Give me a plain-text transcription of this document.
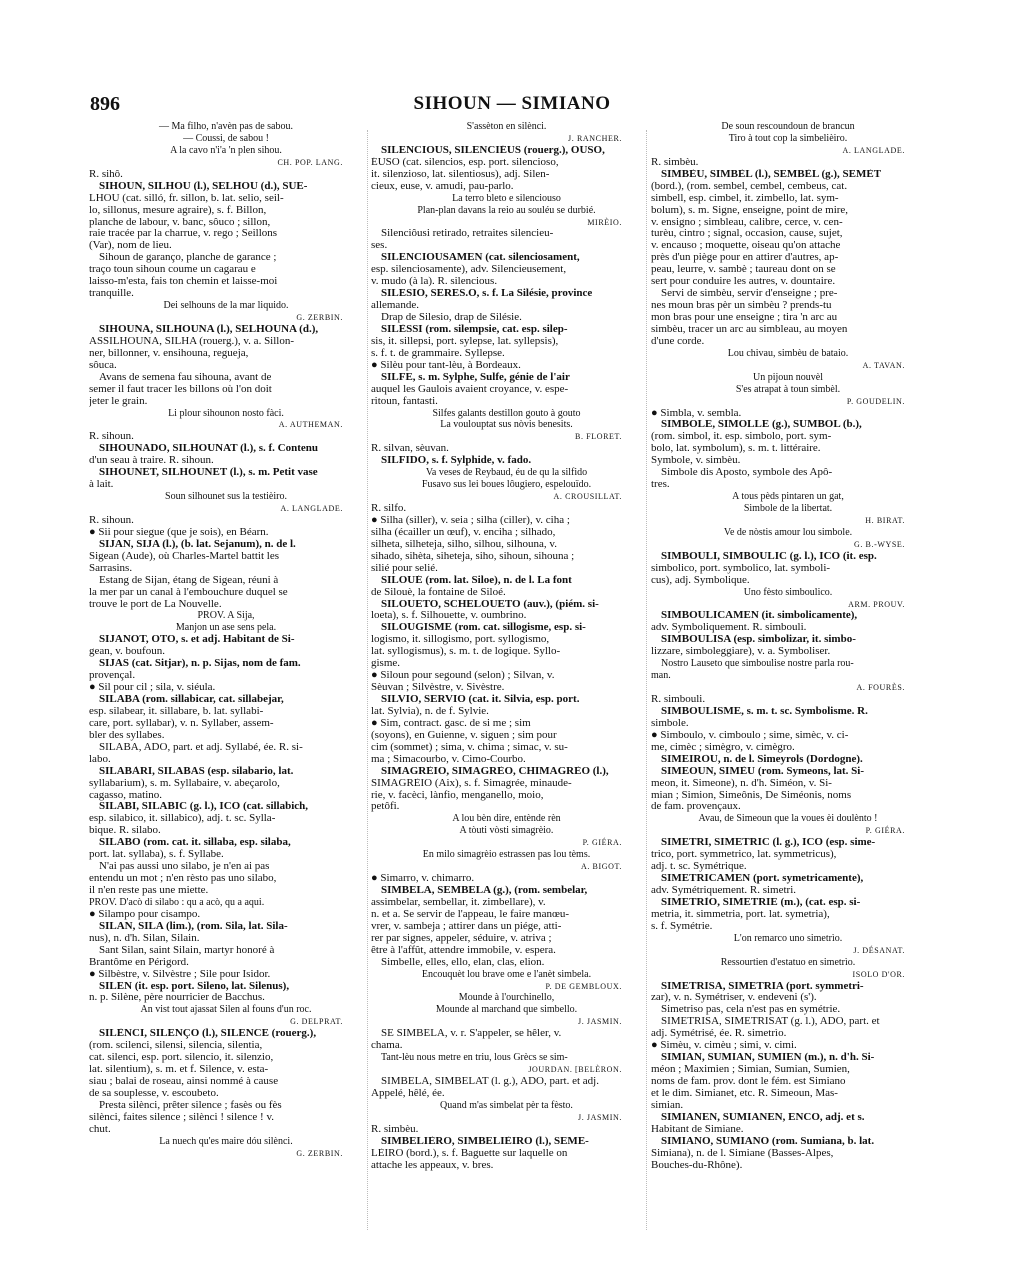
896	SIHOUN — SIMIANO
— Ma filho, n'avèn pas de sabou.
— Coussi, de sabou !
A la cavo n'i'a 'n plen sihou.
CH. POP. LANG.
R. sihô.
SIHOUN, SILHOU (l.), SELHOU (d.), SUE-
LHOU (cat. silló, fr. sillon, b. lat. selio, seil-
lo, sillonus, mesure agraire), s. f. Billon,
planche de labour, v. banc, sôuco ; sillon,
raie tracée par la charrue, v. rego ; Seillons
(Var), nom de lieu.
Sihoun de garanço, planche de garance ;
traço toun sihoun coume un cagarau e
laisso-m'esta, fais ton chemin et laisse-moi
tranquille.
Dei selhouns de la mar liquido.
G. ZERBIN.
SIHOUNA, SILHOUNA (l.), SELHOUNA (d.),
ASSILHOUNA, SILHA (rouerg.), v. a. Sillon-
ner, billonner, v. ensihouna, regueja,
sôuca.
Avans de semena fau sihouna, avant de
semer il faut tracer les billons où l'on doit
jeter le grain.
Li plour sihounon nosto fàci.
A. AUTHEMAN.
R. sihoun.
SIHOUNADO, SILHOUNAT (l.), s. f. Contenu
d'un seau à traire. R. sihoun.
SIHOUNET, SILHOUNET (l.), s. m. Petit vase
à lait.
Soun silhounet sus la testièiro.
A. LANGLADE.
R. sihoun.
● Sii pour siegue (que je sois), en Béarn.
SIJAN, SIJA (l.), (b. lat. Sejanum), n. de l.
Sigean (Aude), où Charles-Martel battit les
Sarrasins.
Estang de Sijan, étang de Sigean, réuni à
la mer par un canal à l'embouchure duquel se
trouve le port de La Nouvelle.
PROV. A Sija,
Manjon un ase sens pela.
SIJANOT, OTO, s. et adj. Habitant de Si-
gean, v. boufoun.
SIJAS (cat. Sitjar), n. p. Sijas, nom de fam.
provençal.
● Sil pour cil ; sila, v. siéula.
SILABA (rom. sillabicar, cat. sillabejar,
esp. silabear, it. sillabare, b. lat. syllabi-
care, port. syllabar), v. n. Syllaber, assem-
bler des syllabes.
SILABA, ADO, part. et adj. Syllabé, ée. R. si-
labo.
SILABÀRI, SILABAS (esp. silabario, lat.
syllabarium), s. m. Syllabaire, v. abeçarolo,
cagasso, matino.
SILABI, SILABIC (g. l.), ICO (cat. sillabich,
esp. silabico, it. sillabico), adj. t. sc. Sylla-
bique. R. silabo.
SILABO (rom. cat. it. sillaba, esp. silaba,
port. lat. syllaba), s. f. Syllabe.
N'ai pas aussi uno silabo, je n'en ai pas
entendu un mot ; n'en rèsto pas uno silabo,
il n'en reste pas une miette.
PROV. D'acò di silabo : qu a acò, qu a aqui.
● Silampo pour cisampo.
SILAN, SILA (lim.), (rom. Sila, lat. Sila-
nus), n. d'h. Silan, Silain.
Sant Silan, saint Silain, martyr honoré à
Brantôme en Périgord.
● Silbèstre, v. Silvèstre ; Sile pour Isidor.
SILEN (it. esp. port. Sileno, lat. Silenus),
n. p. Silène, père nourricier de Bacchus.
An vist tout ajassat Silen al founs d'un roc.
G. DELPRAT.
SILÈNCI, SILENÇO (l.), SILENCE (rouerg.),
(rom. scilenci, silensi, silencia, silentia,
cat. silenci, esp. port. silencio, it. silenzio,
lat. silentium), s. m. et f. Silence, v. esta-
siau ; balai de roseau, ainsi nommé à cause
de sa souplesse, v. escoubeto.
Presta silènci, prêter silence ; fasès ou fès
silènci, faites silence ; silènci ! silence ! v.
chut.
La nuech qu'es maire dóu silènci.
G. ZERBIN.
S'assèton en silènci.
J. RANCHER.
SILENCIOUS, SILENCIÉUS (rouerg.), OUSO,
ÉUSO (cat. silencios, esp. port. silencioso,
it. silenzioso, lat. silentiosus), adj. Silen-
cieux, euse, v. amudi, pau-parlo.
La terro bleto e silenciouso
Plan-plan davans la reio au souléu se durbié.
MIRÈIO.
Silenciôusi retirado, retraites silencieu-
ses.
SILENCIOUSAMEN (cat. silenciosament,
esp. silenciosamente), adv. Silencieusement,
v. mudo (à la). R. silencious.
SILESIO, SERES.O, s. f. La Silésie, province
allemande.
Drap de Silesio, drap de Silésie.
SILÈSSI (rom. silempsie, cat. esp. silep-
sis, it. sillepsi, port. sylepse, lat. syllepsis),
s. f. t. de grammaire. Syllepse.
● Silèu pour tant-lèu, à Bordeaux.
SILFE, s. m. Sylphe, Sulfe, génie de l'air
auquel les Gaulois avaient croyance, v. espe-
ritoun, fantasti.
Silfes galants destillon gouto à gouto
La voulouptat sus nòvis benesits.
B. FLORET.
R. silvan, sèuvan.
SILFIDO, s. f. Sylphide, v. fado.
Va veses de Reybaud, éu de qu la silfido
Fusavo sus lei boues lôugiero, espelouïdo.
A. CROUSILLAT.
R. silfo.
● Silha (siller), v. seia ; silha (ciller), v. ciha ;
silha (écailler un œuf), v. enciha ; silhado,
silheta, silheteja, silho, silhou, silhouna, v.
sihado, sihèta, siheteja, siho, sihoun, sihouna ;
silié pour selié.
SILOUÉ (rom. lat. Siloe), n. de l. La font
de Silouè, la fontaine de Siloé.
SILOUETO, SCHELOUETO (auv.), (piém. si-
loeta), s. f. Silhouette, v. oumbrino.
SILOUGISME (rom. cat. sillogisme, esp. si-
logismo, it. sillogismo, port. syllogismo,
lat. syllogismus), s. m. t. de logique. Syllo-
gisme.
● Siloun pour segound (selon) ; Silvan, v.
Sèuvan ; Silvèstre, v. Sivèstre.
SILVIO, SERVIO (cat. it. Silvia, esp. port.
lat. Sylvia), n. de f. Sylvie.
● Sim, contract. gasc. de si me ; sim
(soyons), en Guienne, v. siguen ; sim pour
cim (sommet) ; sima, v. chima ; simac, v. su-
ma ; Simacourbo, v. Cimo-Courbo.
SIMAGRÈIO, SIMAGRÈO, CHIMAGRÈO (l.),
SIMAGRÈIO (Aix), s. f. Simagrée, minaude-
rie, v. facèci, lànfio, menganello, moio,
petôfi.
A lou bèn dire, entènde rèn
A tòuti vòsti simagrèio.
P. GIÉRA.
En milo simagrèio estrassen pas lou tèms.
A. BIGOT.
● Simarro, v. chimarro.
SIMBELA, SEMBELA (g.), (rom. sembelar,
assimbelar, sembellar, it. zimbellare), v.
n. et a. Se servir de l'appeau, le faire manœu-
vrer, v. sambeja ; attirer dans un piége, atti-
rer par signes, appeler, séduire, v. atriva ;
être à l'affût, attendre immobile, v. espera.
Simbelle, elles, ello, elan, clas, elion.
Encouquèt lou brave ome e l'anèt simbela.
P. DE GEMBLOUX.
Mounde à l'ourchinello,
Mounde al marchand que simbello.
J. JASMIN.
SE SIMBELA, v. r. S'appeler, se hêler, v.
chama.
Tant-lèu nous metre en triu, lous Grècs se sim-
JOURDAN. [BELÈRON.
SIMBELA, SIMBELAT (l. g.), ADO, part. et adj.
Appelé, hêlé, ée.
Quand m'as simbelat pèr ta fèsto.
J. JASMIN.
R. simbèu.
SIMBELIÈRO, SIMBELIÈIRO (l.), SEME-
LÈIRO (bord.), s. f. Baguette sur laquelle on
attache les appeaux, v. bres.
De soun rescoundoun de brancun
Tiro à tout cop la simbelièiro.
A. LANGLADE.
R. simbèu.
SIMBÈU, SIMBÈL (l.), SEMBÈL (g.), SEMÈT
(bord.), (rom. sembel, cembel, cembeus, cat.
simbell, esp. cimbel, it. zimbello, lat. sym-
bolum), s. m. Signe, enseigne, point de mire,
v. ensigno ; simbleau, calibre, cerce, v. cen-
turèu, cintro ; signal, occasion, cause, sujet,
v. encauso ; moquette, oiseau qu'on attache
près d'un piège pour en attirer d'autres, ap-
peau, leurre, v. sambè ; taureau dont on se
sert pour conduire les autres, v. dountaire.
Servi de simbèu, servir d'enseigne ; pre-
nes moun bras pèr un simbèu ? prends-tu
mon bras pour une enseigne ; tira 'n arc au
simbèu, tracer un arc au simbleau, au moyen
d'une corde.
Lou chivau, simbèu de bataio.
A. TAVAN.
Un pijoun nouvèl
S'es atrapat à toun simbèl.
P. GOUDELIN.
● Simbla, v. sembla.
SIMBOLE, SIMOLLE (g.), SUMBOL (b.),
(rom. simbol, it. esp. simbolo, port. sym-
bolo, lat. symbolum), s. m. t. littéraire.
Symbole, v. simbèu.
Simbole dis Aposto, symbole des Apô-
tres.
A tous pèds pintaren un gat,
Simbole de la libertat.
H. BIRAT.
Ve de nòstis amour lou simbole.
G. B.-WYSE.
SIMBOULI, SIMBOULIC (g. l.), ICO (it. esp.
simbolico, port. symbolico, lat. symboli-
cus), adj. Symbolique.
Uno fèsto simboulico.
ARM. PROUV.
SIMBOULICAMEN (it. simbolicamente),
adv. Symboliquement. R. simbouli.
SIMBOULISA (esp. simbolizar, it. simbo-
lizzare, simboleggiare), v. a. Symboliser.
Nostro Lauseto que simboulise nostre parla rou-
man.
A. FOURÈS.
R. simbouli.
SIMBOULISME, s. m. t. sc. Symbolisme. R.
simbole.
● Simboulo, v. cimboulo ; sime, simèc, v. ci-
me, cimèc ; simègro, v. cimègro.
SIMEIRÒU, n. de l. Simeyrols (Dordogne).
SIMEOUN, SIMÈU (rom. Symeons, lat. Si-
meon, it. Simeone), n. d'h. Siméon, v. Si-
mian ; Simion, Simeônis, De Siméonis, noms
de fam. provençaux.
Avau, de Simeoun que la voues èi doulènto !
P. GIÉRA.
SIMETRI, SIMETRIC (l. g.), ICO (esp. sime-
trico, port. symmetrico, lat. symmetricus),
adj. t. sc. Symétrique.
SIMETRICAMEN (port. symetricamente),
adv. Symétriquement. R. simetri.
SIMETRÌO, SIMETRIE (m.), (cat. esp. si-
metria, it. simmetria, port. lat. symetria),
s. f. Symétrie.
L'on remarco uno simetrìo.
J. DÉSANAT.
Ressourtien d'estatuo en simetrìo.
ISOLO D'OR.
SIMETRISA, SIMETRIA (port. symmetri-
zar), v. n. Symétriser, v. endeveni (s').
Simetriso pas, cela n'est pas en symétrie.
SIMETRISA, SIMETRISAT (g. l.), ADO, part. et
adj. Symétrisé, ée. R. simetrìo.
● Simèu, v. cimèu ; simi, v. cimi.
SIMIAN, SUMIAN, SUMIEN (m.), n. d'h. Si-
méon ; Maximien ; Simian, Sumian, Sumien,
noms de fam. prov. dont le fém. est Simiano
et le dim. Simianet, etc. R. Simeoun, Mas-
simian.
SIMIANEN, SUMIANEN, ENCO, adj. et s.
Habitant de Simiane.
SIMIANO, SUMIANO (rom. Sumiana, b. lat.
Simiana), n. de l. Simiane (Basses-Alpes,
Bouches-du-Rhône).
